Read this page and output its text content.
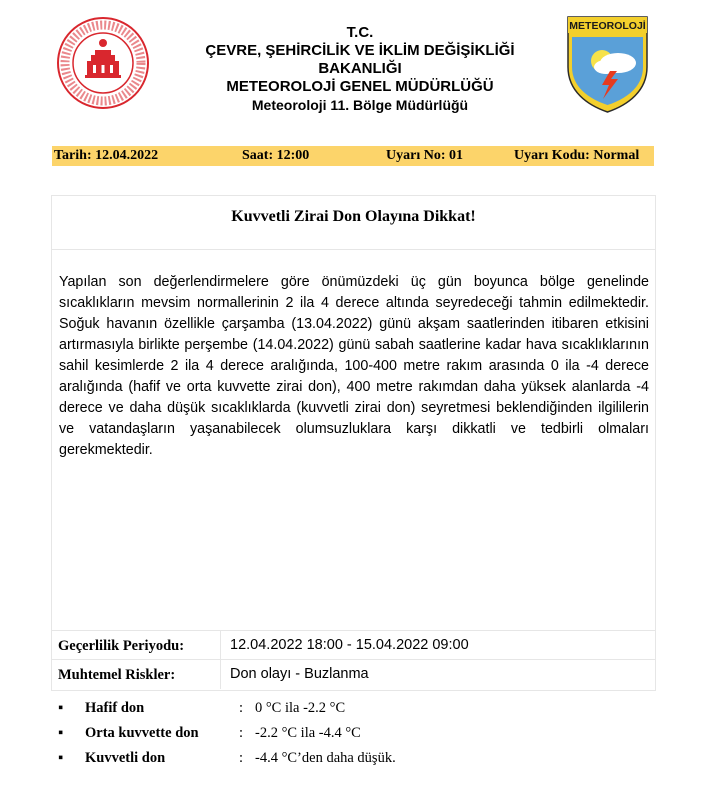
METEOROLOJİ
T.C.
ÇEVRE, ŞEHİRCİLİK VE İKLİM DEĞİŞİKLİĞİ
BAKANLIĞI
METEOROLOJİ GENEL MÜDÜRLÜĞÜ
Meteoroloji 11. Bölge Müdürlüğü
Tarih: 12.04.2022	Saat: 12:00	Uyarı No: 01	Uyarı Kodu: Normal
Kuvvetli Zirai Don Olayına Dikkat!
Yapılan son değerlendirmelere göre önümüzdeki üç gün boyunca bölge genelinde sıcaklıkların mevsim normallerinin 2 ila 4 derece altında seyredeceği tahmin edilmektedir. Soğuk havanın özellikle çarşamba (13.04.2022) günü akşam saatlerinden itibaren etkisini artırmasıyla birlikte perşembe (14.04.2022) günü sabah saatlerine kadar hava sıcaklıklarının sahil kesimlerde 2 ila 4 derece aralığında, 100-400 metre rakım arasında 0 ila -4 derece aralığında (hafif ve orta kuvvette zirai don), 400 metre rakımdan daha yüksek alanlarda -4 derece ve daha düşük sıcaklıklarda (kuvvetli zirai don) seyretmesi beklendiğinden ilgililerin ve vatandaşların yaşanabilecek olumsuzluklara karşı dikkatli ve tedbirli olmaları gerekmektedir.
Geçerlilik Periyodu:	12.04.2022 18:00 - 15.04.2022 09:00
Muhtemel Riskler:	Don olayı - Buzlanma
▪ Hafif don	: 0 °C ila -2.2 °C
▪ Orta kuvvette don	: -2.2 °C ila -4.4 °C
▪ Kuvvetli don	: -4.4 °C’den daha düşük.
